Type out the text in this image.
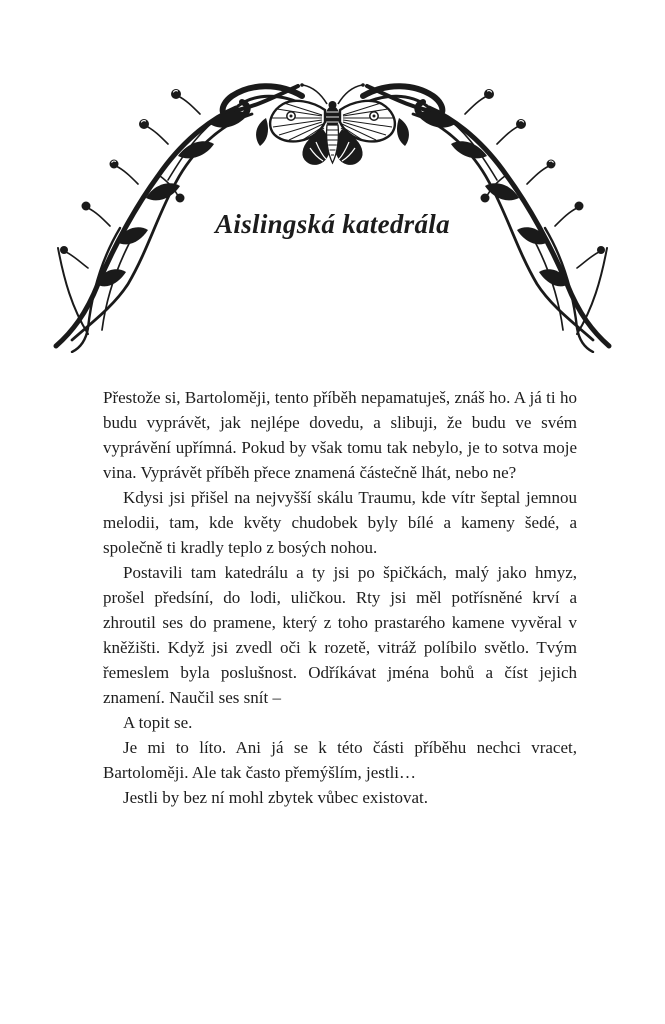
Aislingská katedrála

Přestože si, Bartoloměji, tento příběh nepamatuješ, znáš ho. A já ti ho budu vyprávět, jak nejlépe dovedu, a slibuji, že budu ve svém vyprávění upřímná. Pokud by však tomu tak nebylo, je to sotva moje vina. Vyprávět příběh přece znamená částečně lhát, nebo ne?

Kdysi jsi přišel na nejvyšší skálu Traumu, kde vítr šeptal jemnou melodii, tam, kde květy chudobek byly bílé a kameny šedé, a společně ti kradly teplo z bosých nohou.

Postavili tam katedrálu a ty jsi po špičkách, malý jako hmyz, prošel předsíní, do lodi, uličkou. Rty jsi měl potřísněné krví a zhroutil ses do pramene, který z toho prastarého kamene vyvěral v kněžišti. Když jsi zvedl oči k rozetě, vitráž políbilo světlo. Tvým řemeslem byla poslušnost. Odříkávat jména bohů a číst jejich znamení. Naučil ses snít –

A topit se.

Je mi to líto. Ani já se k této části příběhu nechci vracet, Bartoloměji. Ale tak často přemýšlím, jestli…

Jestli by bez ní mohl zbytek vůbec existovat.
